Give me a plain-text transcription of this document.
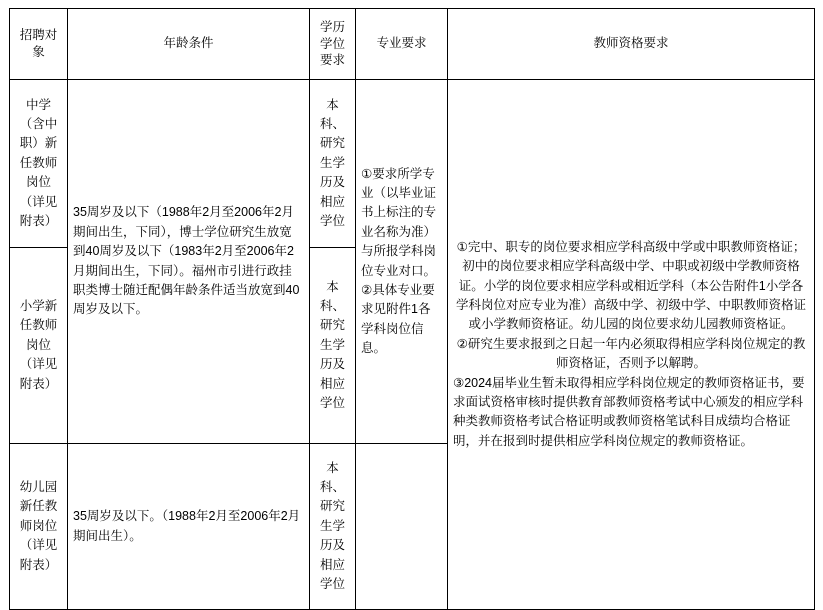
招聘对象	年龄条件	学历学位要求	专业要求	教师资格要求
中学（含中职）新任教师岗位（详见附表）	35周岁及以下（1988年2月至2006年2月期间出生，下同），博士学位研究生放宽到40周岁及以下（1983年2月至2006年2月期间出生，下同）。福州市引进行政挂职类博士随迁配偶年龄条件适当放宽到40周岁及以下。	本科、研究生学历及相应学位	①要求所学专业（以毕业证书上标注的专业名称为准）与所报学科岗位专业对口。②具体专业要求见附件1各学科岗位信息。	①完中、职专的岗位要求相应学科高级中学或中职教师资格证；初中的岗位要求相应学科高级中学、中职或初级中学教师资格证。小学的岗位要求相应学科或相近学科（本公告附件1小学各学科岗位对应专业为准）高级中学、初级中学、中职教师资格证或小学教师资格证。幼儿园的岗位要求幼儿园教师资格证。

②研究生要求报到之日起一年内必须取得相应学科岗位规定的教师资格证，否则予以解聘。

③2024届毕业生暂未取得相应学科岗位规定的教师资格证书，要求面试资格审核时提供教育部教师资格考试中心颁发的相应学科种类教师资格考试合格证明或教师资格笔试科目成绩均合格证明，并在报到时提供相应学科岗位规定的教师资格证。

小学新任教师岗位（详见附表）		本科、研究生学历及相应学位		
幼儿园新任教师岗位（详见附表）	35周岁及以下。（1988年2月至2006年2月期间出生）。	本科、研究生学历及相应学位		
